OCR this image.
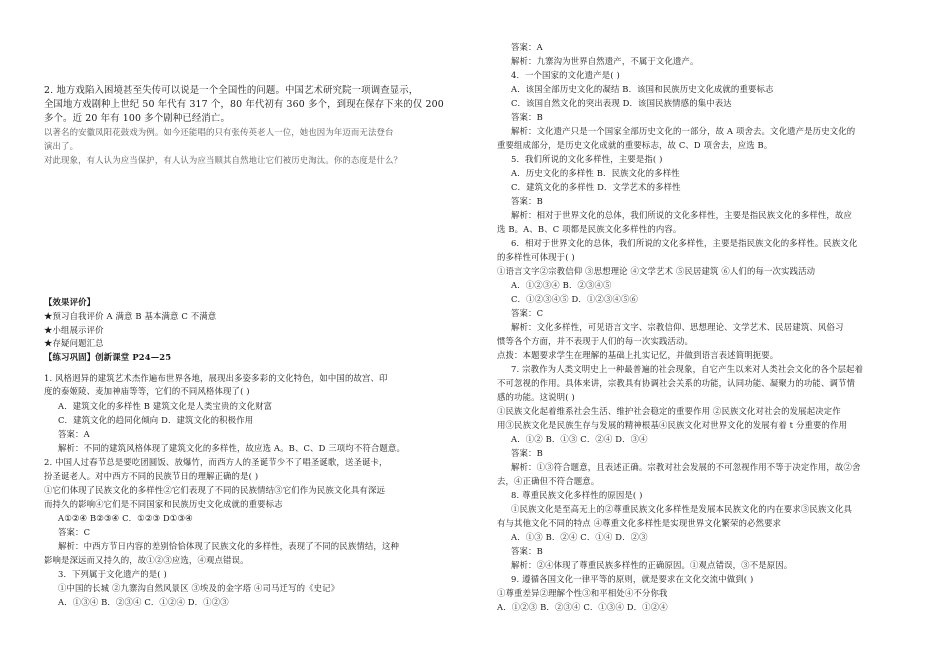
2. 地方戏陷入困境甚至失传可以说是一个全国性的问题。中国艺术研究院一项调查显示，
全国地方戏剧种上世纪 50 年代有 317 个，80 年代初有 360 多个，到现在保存下来的仅 200
多个。近 20 年有 100 多个剧种已经消亡。
以著名的安徽凤阳花鼓戏为例。如今还能唱的只有张传英老人一位，她也因为年迈而无法登台
演出了。
对此现象，有人认为应当保护，有人认为应当顺其自然地让它们被历史淘汰。你的态度是什么？
【效果评价】
★预习自我评价 A 满意 B 基本满意 C 不满意
★小组展示评价
★存疑问题汇总
【练习巩固】创新课堂 P24—25
1. 风格迥异的建筑艺术杰作遍布世界各地，展现出多姿多彩的文化特色，如中国的故宫、印
度的泰姬陵、麦加神庙等等，它们的不同风格体现了( )
A．建筑文化的多样性 B 建筑文化是人类宝贵的文化财富
C．建筑文化的趋同化倾向 D．建筑文化的积极作用
答案：A
解析：不同的建筑风格体现了建筑文化的多样性，故应选 A。B、C、D 三项均不符合题意。
2. 中国人过春节总是要吃团圆饭、放爆竹，而西方人的圣诞节少不了唱圣诞歌，送圣诞卡，
扮圣诞老人。对中西方不同的民族节日的理解正确的是( )
①它们体现了民族文化的多样性②它们表现了不同的民族情结③它们作为民族文化具有深远
而持久的影响④它们是不同国家和民族历史文化成就的重要标志
A①②④ B②③④ C．①②③ D①③④
答案：C
解析：中西方节日内容的差别恰恰体现了民族文化的多样性，表现了不同的民族情结，这种
影响是深远而又持久的，故①②③应选，④观点错误。
3．下列属于文化遗产的是( )
①中国的长城 ②九寨沟自然风景区 ③埃及的金字塔 ④司马迁写的《史记》
A．①③④ B．②③④ C．①②④ D．①②③
答案：A
解析：九寨沟为世界自然遗产，不属于文化遗产。
4．一个国家的文化遗产是( )
A．该国全部历史文化的凝结 B．该国和民族历史文化成就的重要标志
C．该国自然文化的突出表现 D．该国民族情感的集中表达
答案：B
解析：文化遗产只是一个国家全部历史文化的一部分，故 A 项舍去。文化遗产是历史文化的
重要组成部分，是历史文化成就的重要标志，故 C、D 项舍去，应选 B。
5．我们所说的文化多样性，主要是指( )
A．历史文化的多样性 B．民族文化的多样性
C．建筑文化的多样性 D．文学艺术的多样性
答案：B
解析：相对于世界文化的总体，我们所说的文化多样性，主要是指民族文化的多样性，故应
选 B。A、B、C 项都是民族文化多样性的内容。
6．相对于世界文化的总体，我们所说的文化多样性，主要是指民族文化的多样性。民族文化
的多样性可体现于( )
①语言文字②宗教信仰 ③思想理论 ④文学艺术 ⑤民居建筑 ⑥人们的每一次实践活动
A．①②③④ B．②③④⑤
C．①②③④⑤ D．①②③④⑤⑥
答案：C
解析：文化多样性，可见语言文字、宗教信仰、思想理论、文学艺术、民居建筑、风俗习
惯等各个方面，并不表现于人们的每一次实践活动。
点拨：本题要求学生在理解的基础上扎实记忆，并做到语言表述简明扼要。
7. 宗教作为人类文明史上一种最普遍的社会现象，自它产生以来对人类社会文化的各个层起着
不可忽视的作用。具体来讲，宗教具有协调社会关系的功能，认同功能、凝聚力的功能、调节情
感的功能。这说明( )
①民族文化起着维系社会生活、维护社会稳定的重要作用 ②民族文化对社会的发展起决定作
用③民族文化是民族生存与发展的精神根基④民族文化对世界文化的发展有着 t 分重要的作用
A．①② B．①③ C．②④ D．③④
答案：B
解析：①③符合题意，且表述正确。宗教对社会发展的不可忽视作用不等于决定作用，故②舍
去，④正确但不符合题意。
8. 尊重民族文化多样性的原因是( )
①民族文化是至高无上的②尊重民族文化多样性是发展本民族文化的内在要求③民族文化具
有与其他文化不同的特点 ④尊重文化多样性是实现世界文化繁荣的必然要求
A．①③ B．②④ C．①④ D．②③
答案：B
解析：②④体现了尊重民族多样性的正确原因。①观点错误，③不是原因。
9. 遵循各国文化一律平等的原则，就是要求在文化交流中做到( )
①尊重差异②理解个性③和平相处④不分你我
A．①②③ B．②③④ C．①③④ D．①②④
